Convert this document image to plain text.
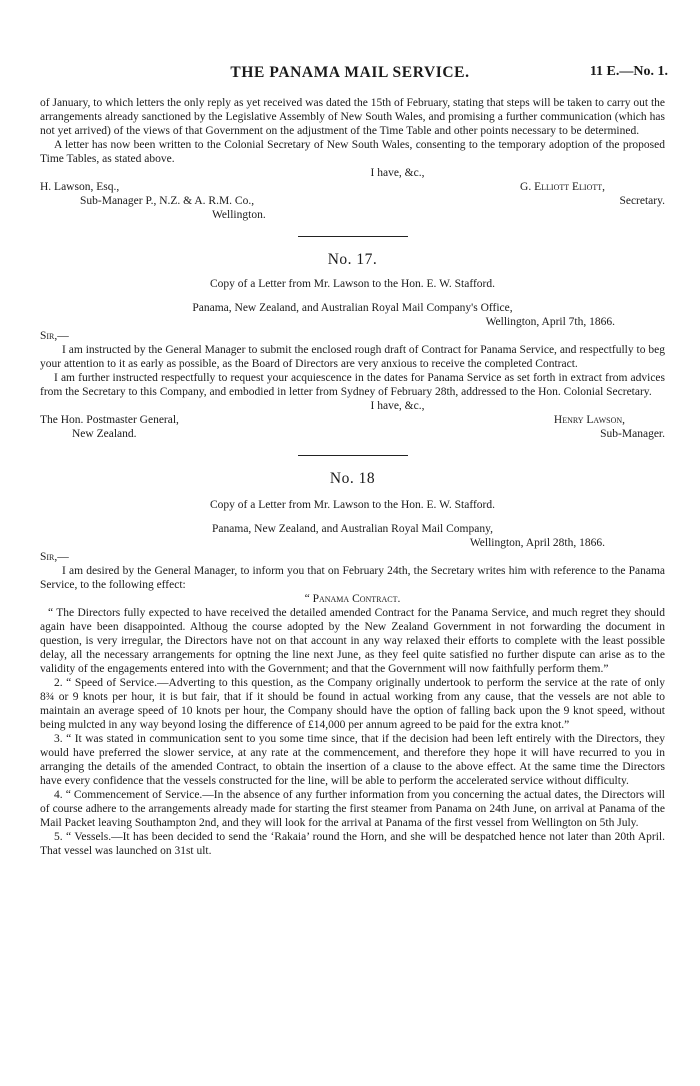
THE PANAMA MAIL SERVICE.	11 E.—No. 1.

of January, to which letters the only reply as yet received was dated the 15th of February, stating that steps will be taken to carry out the arrangements already sanctioned by the Legislative Assembly of New South Wales, and promising a further communication (which has not yet arrived) of the views of that Government on the adjustment of the Time Table and other points necessary to be determined.

A letter has now been written to the Colonial Secretary of New South Wales, consenting to the temporary adoption of the proposed Time Tables, as stated above.

I have, &c.,

H. Lawson, Esq.,	G. Elliott Eliott,
Sub-Manager P., N.Z. & A. R.M. Co.,	Secretary.
Wellington.
No. 17.

Copy of a Letter from Mr. Lawson to the Hon. E. W. Stafford.

Panama, New Zealand, and Australian Royal Mail Company's Office,

Wellington, April 7th, 1866.

Sir,—

I am instructed by the General Manager to submit the enclosed rough draft of Contract for Panama Service, and respectfully to beg your attention to it as early as possible, as the Board of Directors are very anxious to receive the completed Contract.

I am further instructed respectfully to request your acquiescence in the dates for Panama Service as set forth in extract from advices from the Secretary to this Company, and embodied in letter from Sydney of February 28th, addressed to the Hon. Colonial Secretary.

I have, &c.,

The Hon. Postmaster General,	Henry Lawson,
New Zealand.	Sub-Manager.
No. 18

Copy of a Letter from Mr. Lawson to the Hon. E. W. Stafford.

Panama, New Zealand, and Australian Royal Mail Company,

Wellington, April 28th, 1866.

Sir,—

I am desired by the General Manager, to inform you that on February 24th, the Secretary writes him with reference to the Panama Service, to the following effect:

“ Panama Contract.

“ The Directors fully expected to have received the detailed amended Contract for the Panama Service, and much regret they should again have been disappointed. Althoug the course adopted by the New Zealand Government in not forwarding the document in question, is very irregular, the Directors have not on that account in any way relaxed their efforts to complete with the least possible delay, all the necessary arrangements for optning the line next June, as they feel quite satisfied no further dispute can arise as to the validity of the engagements entered into with the Government; and that the Government will now faithfully perform them.”

2. “ Speed of Service.—Adverting to this question, as the Company originally undertook to perform the service at the rate of only 8¾ or 9 knots per hour, it is but fair, that if it should be found in actual working from any cause, that the vessels are not able to maintain an average speed of 10 knots per hour, the Company should have the option of falling back upon the 9 knot speed, without being mulcted in any way beyond losing the difference of £14,000 per annum agreed to be paid for the extra knot.”

3. “ It was stated in communication sent to you some time since, that if the decision had been left entirely with the Directors, they would have preferred the slower service, at any rate at the commencement, and therefore they hope it will have recurred to you in arranging the details of the amended Contract, to obtain the insertion of a clause to the above effect. At the same time the Directors have every confidence that the vessels constructed for the line, will be able to perform the accelerated service without difficulty.

4. “ Commencement of Service.—In the absence of any further information from you concerning the actual dates, the Directors will of course adhere to the arrangements already made for starting the first steamer from Panama on 24th June, on arrival at Panama of the Mail Packet leaving Southampton 2nd, and they will look for the arrival at Panama of the first vessel from Wellington on 5th July.

5. “ Vessels.—It has been decided to send the ‘Rakaia’ round the Horn, and she will be despatched hence not later than 20th April. That vessel was launched on 31st ult.
